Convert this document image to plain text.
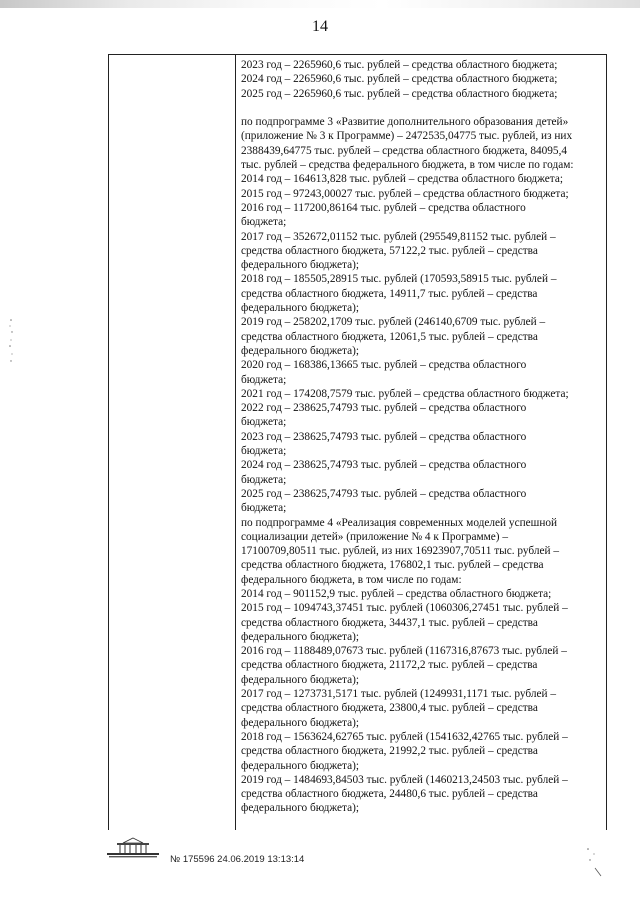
14
2023 год – 2265960,6 тыс. рублей – средства областного бюджета;
2024 год – 2265960,6 тыс. рублей – средства областного бюджета;
2025 год – 2265960,6 тыс. рублей – средства областного бюджета;
по подпрограмме 3 «Развитие дополнительного образования детей»
(приложение № 3 к Программе) – 2472535,04775 тыс. рублей, из них
2388439,64775 тыс. рублей – средства областного бюджета, 84095,4
тыс. рублей – средства федерального бюджета, в том числе по годам:
2014 год – 164613,828 тыс. рублей – средства областного бюджета;
2015 год – 97243,00027 тыс. рублей – средства областного бюджета;
2016 год – 117200,86164 тыс. рублей – средства областного
бюджета;
2017 год – 352672,01152 тыс. рублей (295549,81152 тыс. рублей –
средства областного бюджета, 57122,2 тыс. рублей – средства
федерального бюджета);
2018 год – 185505,28915 тыс. рублей (170593,58915 тыс. рублей –
средства областного бюджета, 14911,7 тыс. рублей – средства
федерального бюджета);
2019 год – 258202,1709 тыс. рублей (246140,6709 тыс. рублей –
средства областного бюджета, 12061,5 тыс. рублей – средства
федерального бюджета);
2020 год – 168386,13665 тыс. рублей – средства областного
бюджета;
2021 год – 174208,7579 тыс. рублей – средства областного бюджета;
2022 год – 238625,74793 тыс. рублей – средства областного
бюджета;
2023 год – 238625,74793 тыс. рублей – средства областного
бюджета;
2024 год – 238625,74793 тыс. рублей – средства областного
бюджета;
2025 год – 238625,74793 тыс. рублей – средства областного
бюджета;
по подпрограмме 4 «Реализация современных моделей успешной
социализации детей» (приложение № 4 к Программе) –
17100709,80511 тыс. рублей, из них 16923907,70511 тыс. рублей –
средства областного бюджета, 176802,1 тыс. рублей – средства
федерального бюджета, в том числе по годам:
2014 год – 901152,9 тыс. рублей – средства областного бюджета;
2015 год – 1094743,37451 тыс. рублей (1060306,27451 тыс. рублей –
средства областного бюджета, 34437,1 тыс. рублей – средства
федерального бюджета);
2016 год – 1188489,07673 тыс. рублей (1167316,87673 тыс. рублей –
средства областного бюджета, 21172,2 тыс. рублей – средства
федерального бюджета);
2017 год – 1273731,5171 тыс. рублей (1249931,1171 тыс. рублей –
средства областного бюджета, 23800,4 тыс. рублей – средства
федерального бюджета);
2018 год – 1563624,62765 тыс. рублей (1541632,42765 тыс. рублей –
средства областного бюджета, 21992,2 тыс. рублей – средства
федерального бюджета);
2019 год – 1484693,84503 тыс. рублей (1460213,24503 тыс. рублей –
средства областного бюджета, 24480,6 тыс. рублей – средства
федерального бюджета);
№ 175596 24.06.2019 13:13:14
